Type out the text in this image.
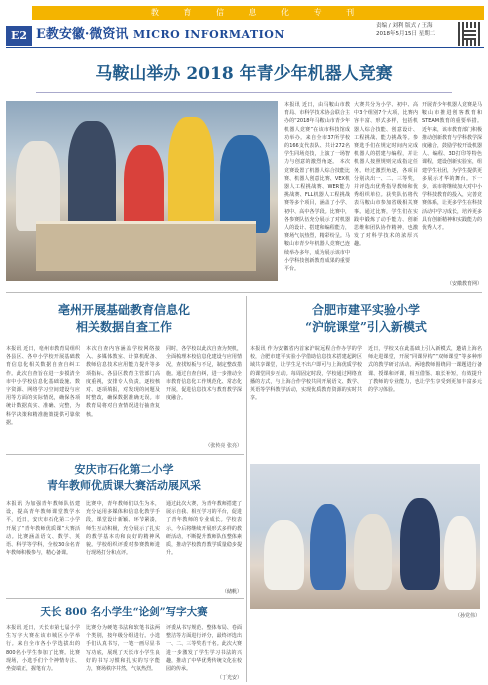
教 育 信 息 化 专 刊
E2 E教安徽·微资讯 MICRO INFORMATION
责编 / 刘利 版式 / 王海
2018年5月15日 星期二
马鞍山举办 2018 年青少年机器人竞赛
本报讯 近日，由马鞍山市教育局、市科学技术协会联合主办的“2018年马鞍山市青少年机器人竞赛”在该市科技馆成功举办。来自全市37所学校的166支代表队、共计272名学生同场竞技，上演了一场智力与创意的激烈角逐。 本次竞赛设置了机器人综合技能比赛、机器人创意比赛、VEX机器人工程挑战赛、WER能力挑战赛、FLL机器人工程挑战赛等多个项目，涵盖了小学、初中、高中各学段。比赛中，各参赛队伍充分展示了对机器人的设计、搭建和编程能力，赛场气氛热烈，精彩纷呈。马鞍山市青少年机器人竞赛已连续举办多年，成为展示该市中小学科技创新教育成果的重要平台。
大赛共分为小学、初中、高中3个组别7个大项，比赛内容丰富、形式多样，包括机器人综合技能、创意设计、工程挑战、能力挑战等。参赛选手们在规定时间内完成机器人的搭建与编程，并让机器人按照规则完成指定任务。经过激烈角逐，各项目分别决出一、二、三等奖，并评选出优秀指导教师和优秀组织单位。获奖队伍将代表马鞍山市参加省级相关赛事。通过比赛，学生们在实践中锻炼了动手能力、创新思维和团队协作精神，也激发了对科学技术的浓厚兴趣。
开展青少年机器人竞赛是马鞍山市推进创客教育和STEAM教育的重要举措。近年来，该市教育部门积极推动创新教育与学科教学深度融合，鼓励学校开设机器人、编程、3D打印等特色课程，建设创新实验室，组建学生社团，为学生提供更多展示才华的舞台。下一步，该市将继续加大对中小学科技教育的投入，完善竞赛体系，让更多学生在科技活动中学习成长，培养更多具有创新精神和实践能力的优秀人才。
（安徽教育网）
亳州开展基础教育信息化
相关数据自查工作
本报讯 近日，亳州市教育局组织各县区、各中小学校开展基础教育信息化相关数据自查自纠工作。此次自查旨在进一步摸清全市中小学校信息化基础设施、数字资源、网络学习空间建设与应用等方面的实际情况，确保各项统计数据真实、准确、完整，为科学决策和精准施策提供可靠依据。
本次自查内容涵盖学校网络接入、多媒体教室、计算机配备、教师信息技术应用能力提升等多项指标。各县区教育主管部门高度重视，安排专人负责，逐校核对、逐项填报，对发现的问题及时整改，确保数据准确无误。市教育局将对自查情况进行抽查复核。
同时，各学校以此次自查为契机，全面梳理本校信息化建设与应用情况，查找短板与不足，制定整改措施。通过自查自纠，进一步推动全市教育信息化工作规范化、常态化开展，促进信息技术与教育教学深度融合。
（张传亮 张亮）
合肥市建平实验小学
“沪皖课堂”引入新模式
本报讯 作为安徽省内首家沪皖远程合作办学的学校，合肥市建平实验小学借助信息技术搭建起跨区域共享课堂，让学生足不出户即可与上海优质学校的课堂同步互动。每周固定时段，学校通过网络直播的方式，与上海合作学校共同开展语文、数学、英语等学科教学活动，实现优质教育资源的实时共享。
近日，学校又在此基础上引入新模式，邀请上海名师走进课堂，开展“同课异构”“双师课堂”等多种形式的教学研讨活动。两地教师围绕同一课题进行备课、授课和评课，相互借鉴、取长补短，有效提升了教师的专业能力，也让学生享受到更加丰富多元的学习体验。
（孙党伟）
安庆市石化第二小学
青年教师优质课大赛活动展风采
本报讯 为加强青年教师队伍建设，提高青年教师课堂教学水平，近日，安庆市石化第二小学开展了“青年教师优质课”大赛活动。比赛涵盖语文、数学、英语、科学等学科，全校30余名青年教师积极参与，精心备课。
比赛中，青年教师们以生为本，充分运用多媒体和信息化教学手段，课堂设计新颖、环节紧凑，师生互动积极，充分展示了扎实的教学基本功和良好的精神风貌。学校组织评委对参赛教师进行现场打分和点评。
通过此次大赛，为青年教师搭建了展示自我、相互学习的平台，促进了青年教师的专业成长。学校表示，今后将继续开展形式多样的教研活动，不断提升教师队伍整体素质，推动学校教育教学质量稳步提升。
（储帆）
天长 800 名小学生“论剑”写字大赛
本报讯 近日，天长市第七届小学生写字大赛在该市城区小学举行。来自全市各小学选拔出的800名小学生参加了比赛。比赛现场，小选手们个个神情专注、坐姿端正，握笔有力。
比赛分为硬笔书法和软笔书法两个类别，按年级分组进行。小选手们认真书写，一笔一画尽显书写功底，展现了天长市小学生良好的书写习惯和扎实的写字能力，赛场秩序井然，气氛热烈。
评委从书写规范、整体布局、卷面整洁等方面进行评分，最终评选出一、二、三等奖若干名。此次大赛进一步激发了学生学习书法的兴趣，推动了中华优秀传统文化在校园的传承。
（丁光安）
